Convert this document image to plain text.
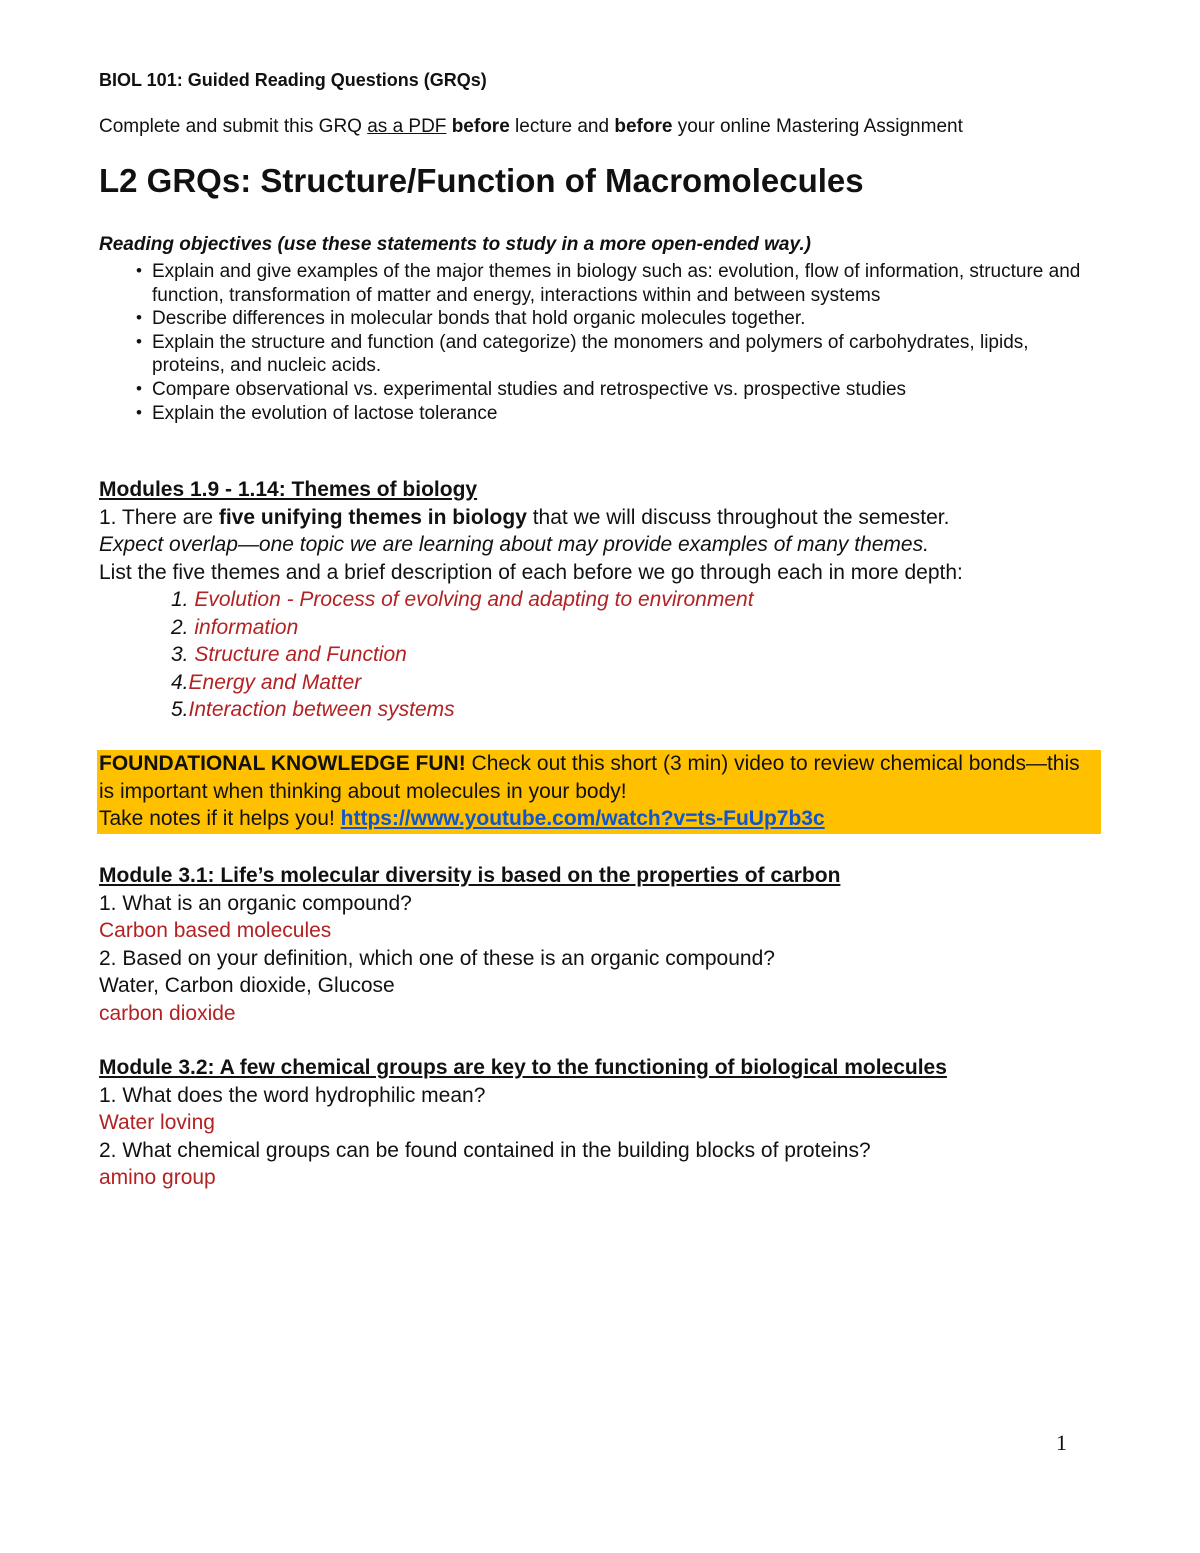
BIOL 101: Guided Reading Questions (GRQs)
Complete and submit this GRQ as a PDF before lecture and before your online Mastering Assignment
L2 GRQs: Structure/Function of Macromolecules
Reading objectives (use these statements to study in a more open-ended way.)
• Explain and give examples of the major themes in biology such as: evolution, flow of information, structure and function, transformation of matter and energy, interactions within and between systems
• Describe differences in molecular bonds that hold organic molecules together.
• Explain the structure and function (and categorize) the monomers and polymers of carbohydrates, lipids, proteins, and nucleic acids.
• Compare observational vs. experimental studies and retrospective vs. prospective studies
• Explain the evolution of lactose tolerance
Modules 1.9 - 1.14: Themes of biology
1. There are five unifying themes in biology that we will discuss throughout the semester.
Expect overlap—one topic we are learning about may provide examples of many themes.
List the five themes and a brief description of each before we go through each in more depth:
1. Evolution - Process of evolving and adapting to environment
2. information
3. Structure and Function
4.Energy and Matter
5.Interaction between systems
FOUNDATIONAL KNOWLEDGE FUN! Check out this short (3 min) video to review chemical bonds—this is important when thinking about molecules in your body!
Take notes if it helps you! https://www.youtube.com/watch?v=ts-FuUp7b3c
Module 3.1: Life’s molecular diversity is based on the properties of carbon
1. What is an organic compound?
Carbon based molecules
2. Based on your definition, which one of these is an organic compound?
Water, Carbon dioxide, Glucose
carbon dioxide
Module 3.2: A few chemical groups are key to the functioning of biological molecules
1. What does the word hydrophilic mean?
Water loving
2. What chemical groups can be found contained in the building blocks of proteins?
amino group
1
